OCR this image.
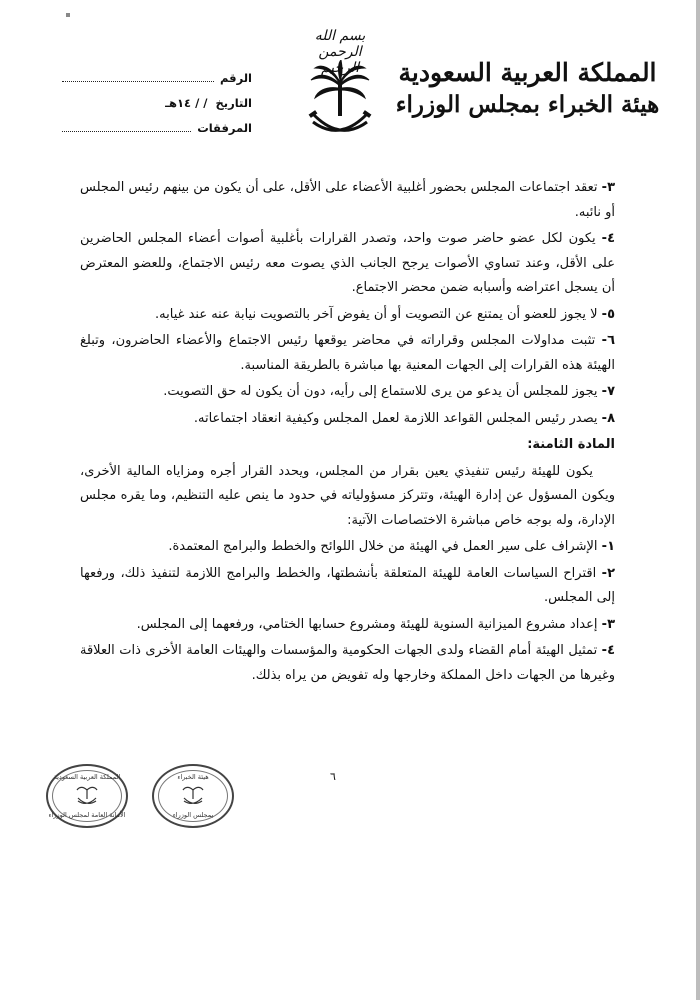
بسم الله الرحمن
المملكة العربية السعودية
هيئة الخبراء بمجلس الوزراء
الرقم
التاريخ
/ / ١٤هـ
المرفقات
٣- تعقد اجتماعات المجلس بحضور أغلبية الأعضاء على الأقل، على أن يكون من بينهم رئيس المجلس أو نائبه.
٤- يكون لكل عضو حاضر صوت واحد، وتصدر القرارات بأغلبية أصوات أعضاء المجلس الحاضرين على الأقل، وعند تساوي الأصوات يرجح الجانب الذي يصوت معه رئيس الاجتماع، وللعضو المعترض أن يسجل اعتراضه وأسبابه ضمن محضر الاجتماع.
٥- لا يجوز للعضو أن يمتنع عن التصويت أو أن يفوض آخر بالتصويت نيابة عنه عند غيابه.
٦- تثبت مداولات المجلس وقراراته في محاضر يوقعها رئيس الاجتماع والأعضاء الحاضرون، وتبلغ الهيئة هذه القرارات إلى الجهات المعنية بها مباشرة بالطريقة المناسبة.
٧- يجوز للمجلس أن يدعو من يرى للاستماع إلى رأيه، دون أن يكون له حق التصويت.
٨- يصدر رئيس المجلس القواعد اللازمة لعمل المجلس وكيفية انعقاد اجتماعاته.
المادة الثامنة:
يكون للهيئة رئيس تنفيذي يعين بقرار من المجلس، ويحدد القرار أجره ومزاياه المالية الأخرى، ويكون المسؤول عن إدارة الهيئة، وتتركز مسؤولياته في حدود ما ينص عليه التنظيم، وما يقره مجلس الإدارة، وله بوجه خاص مباشرة الاختصاصات الآتية:
١- الإشراف على سير العمل في الهيئة من خلال اللوائح والخطط والبرامج المعتمدة.
٢- اقتراح السياسات العامة للهيئة المتعلقة بأنشطتها، والخطط والبرامج اللازمة لتنفيذ ذلك، ورفعها إلى المجلس.
٣- إعداد مشروع الميزانية السنوية للهيئة ومشروع حسابها الختامي، ورفعهما إلى المجلس.
٤- تمثيل الهيئة أمام القضاء ولدى الجهات الحكومية والمؤسسات والهيئات العامة الأخرى ذات العلاقة وغيرها من الجهات داخل المملكة وخارجها وله تفويض من يراه بذلك.
٦
هيئة الخبراء
بمجلس الوزراء
المملكة العربية السعودية
الأمانة العامة لمجلس الوزراء
